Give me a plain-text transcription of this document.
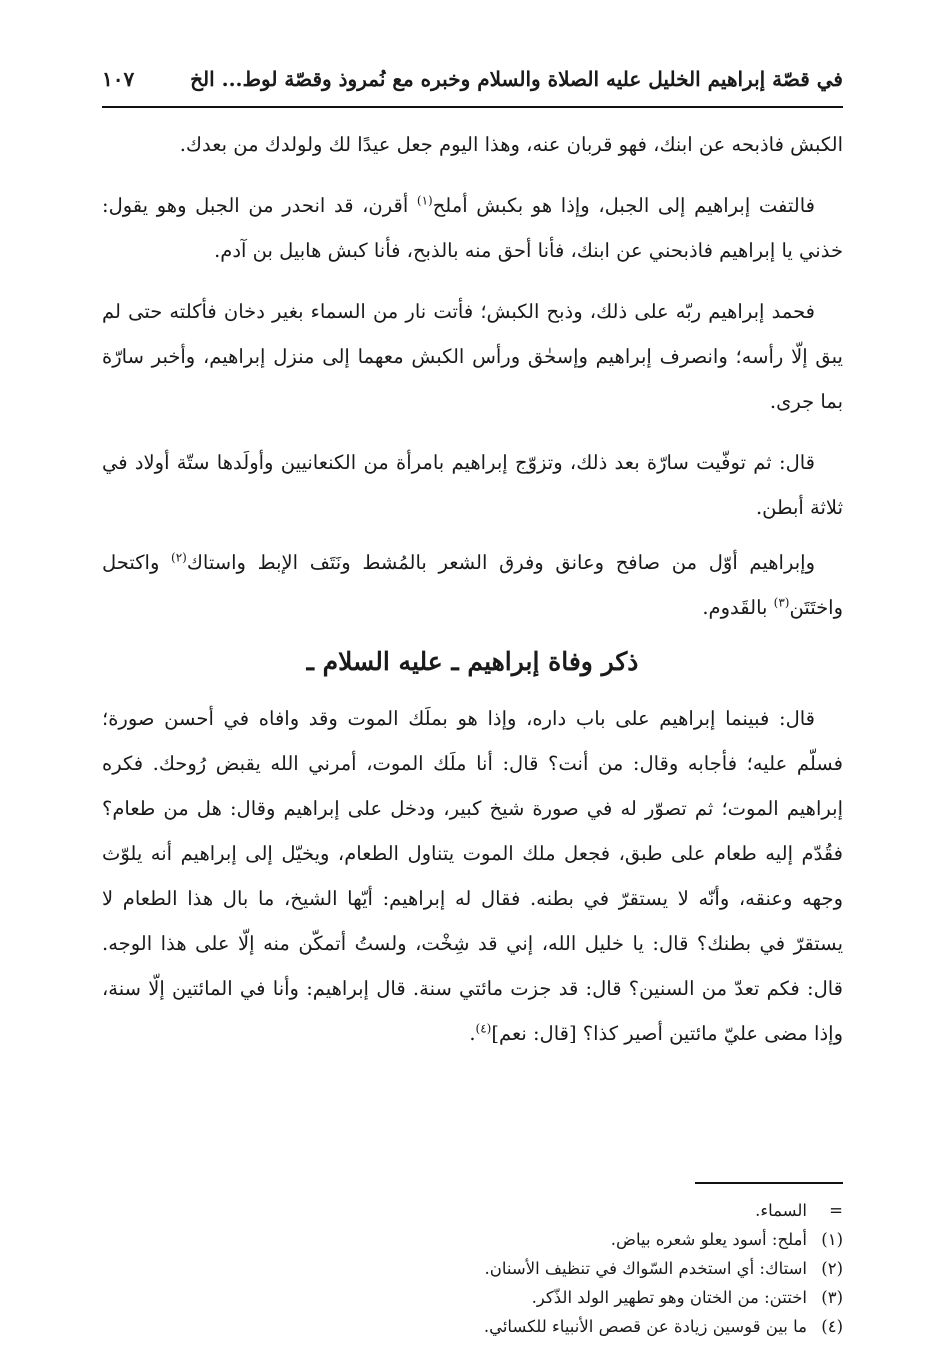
في قصّة إبراهيم الخليل عليه الصلاة والسلام وخبره مع نُمروذ وقصّة لوط... الخ
١٠٧

الكبش فاذبحه عن ابنك، فهو قربان عنه، وهذا اليوم جعل عيدًا لك ولولدك من بعدك.

فالتفت إبراهيم إلى الجبل، وإذا هو بكبش أملح$^{(١)}$ أقرن، قد انحدر من الجبل وهو يقول: خذني يا إبراهيم فاذبحني عن ابنك، فأنا أحق منه بالذبح، فأنا كبش هابيل بن آدم.

فحمد إبراهيم ربّه على ذلك، وذبح الكبش؛ فأتت نار من السماء بغير دخان فأكلته حتى لم يبق إلّا رأسه؛ وانصرف إبراهيم وإسحٰق ورأس الكبش معهما إلى منزل إبراهيم، وأخبر سارّة بما جرى.

قال: ثم توفّيت سارّة بعد ذلك، وتزوّج إبراهيم بامرأة من الكنعانيين وأولَدها ستّة أولاد في ثلاثة أبطن.

وإبراهيم أوّل من صافح وعانق وفرق الشعر بالمُشط ونَتَف الإبط واستاك$^{(٢)}$ واكتحل واختَتَن$^{(٣)}$ بالقَدوم.

ذكر وفاة إبراهيم ـ عليه السلام ـ

قال: فبينما إبراهيم على باب داره، وإذا هو بملَك الموت وقد وافاه في أحسن صورة؛ فسلّم عليه؛ فأجابه وقال: من أنت؟ قال: أنا ملَك الموت، أمرني الله يقبض رُوحك. فكره إبراهيم الموت؛ ثم تصوّر له في صورة شيخ كبير، ودخل على إبراهيم وقال: هل من طعام؟ فقُدّم إليه طعام على طبق، فجعل ملك الموت يتناول الطعام، ويخيّل إلى إبراهيم أنه يلوّث وجهه وعنقه، وأنّه لا يستقرّ في بطنه. فقال له إبراهيم: أيّها الشيخ، ما بال هذا الطعام لا يستقرّ في بطنك؟ قال: يا خليل الله، إني قد شِخْت، ولستُ أتمكّن منه إلّا على هذا الوجه. قال: فكم تعدّ من السنين؟ قال: قد جزت مائتي سنة. قال إبراهيم: وأنا في المائتين إلّا سنة، وإذا مضى عليّ مائتين أصير كذا؟ [قال: نعم]$^{(٤)}$.

=
السماء.
(١)
أملح: أسود يعلو شعره بياض.
(٢)
استاك: أي استخدم السّواك في تنظيف الأسنان.
(٣)
اختتن: من الختان وهو تطهير الولد الذّكر.
(٤)
ما بين قوسين زيادة عن قصص الأنبياء للكسائي.
